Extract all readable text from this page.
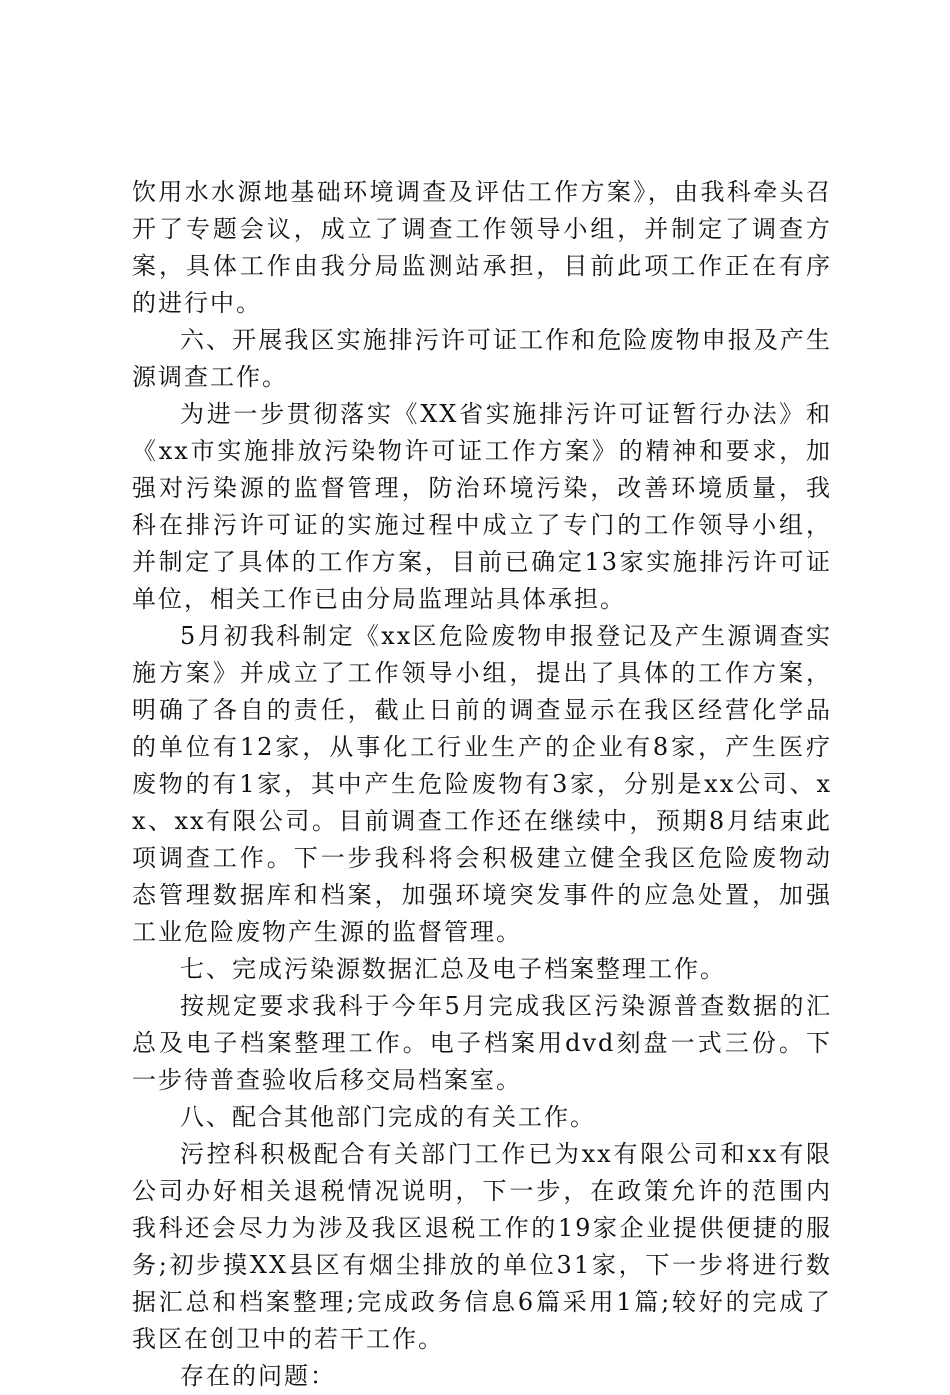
饮用水水源地基础环境调查及评估工作方案》，由我科牵头召开了专题会议，成立了调查工作领导小组，并制定了调查方案，具体工作由我分局监测站承担，目前此项工作正在有序的进行中。

六、开展我区实施排污许可证工作和危险废物申报及产生源调查工作。

为进一步贯彻落实《XX省实施排污许可证暂行办法》和《xx市实施排放污染物许可证工作方案》的精神和要求，加强对污染源的监督管理，防治环境污染，改善环境质量，我科在排污许可证的实施过程中成立了专门的工作领导小组，并制定了具体的工作方案，目前已确定13家实施排污许可证单位，相关工作已由分局监理站具体承担。

5月初我科制定《xx区危险废物申报登记及产生源调查实施方案》并成立了工作领导小组，提出了具体的工作方案，明确了各自的责任，截止日前的调查显示在我区经营化学品的单位有12家，从事化工行业生产的企业有8家，产生医疗废物的有1家，其中产生危险废物有3家，分别是xx公司、xx、xx有限公司。目前调查工作还在继续中，预期8月结束此项调查工作。下一步我科将会积极建立健全我区危险废物动态管理数据库和档案，加强环境突发事件的应急处置，加强工业危险废物产生源的监督管理。

七、完成污染源数据汇总及电子档案整理工作。

按规定要求我科于今年5月完成我区污染源普查数据的汇总及电子档案整理工作。电子档案用dvd刻盘一式三份。下一步待普查验收后移交局档案室。

八、配合其他部门完成的有关工作。

污控科积极配合有关部门工作已为xx有限公司和xx有限公司办好相关退税情况说明，下一步，在政策允许的范围内我科还会尽力为涉及我区退税工作的19家企业提供便捷的服务;初步摸XX县区有烟尘排放的单位31家，下一步将进行数据汇总和档案整理;完成政务信息6篇采用1篇;较好的完成了我区在创卫中的若干工作。

存在的问题：
